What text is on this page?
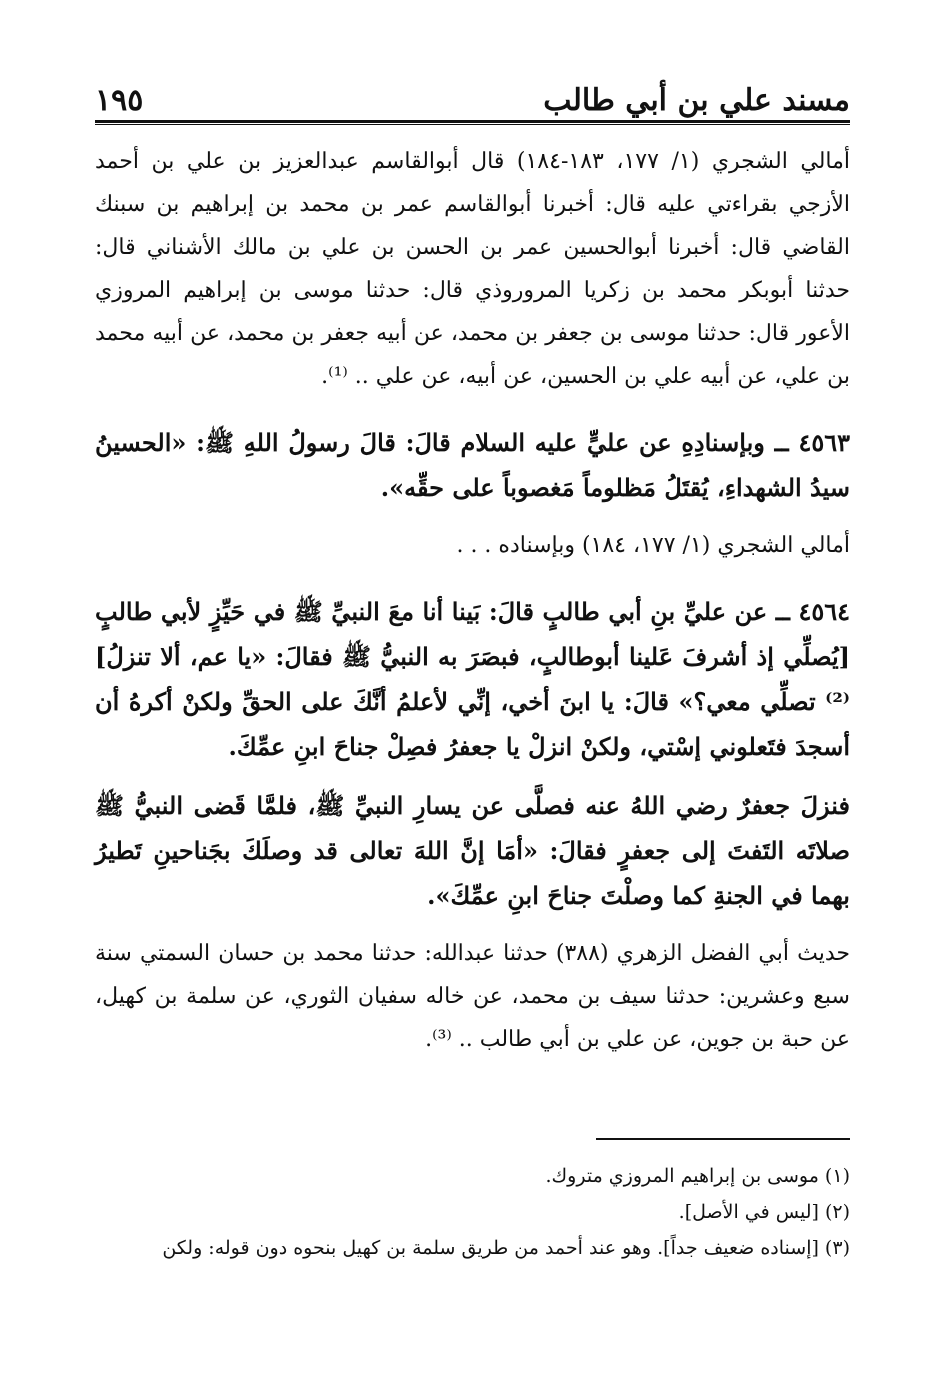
مسند علي بن أبي طالب
١٩٥

أمالي الشجري (١/ ١٧٧، ١٨٣-١٨٤) قال أبوالقاسم عبدالعزيز بن علي بن أحمد الأزجي بقراءتي عليه قال: أخبرنا أبوالقاسم عمر بن محمد بن إبراهيم بن سبنك القاضي قال: أخبرنا أبوالحسين عمر بن الحسن بن علي بن مالك الأشناني قال: حدثنا أبوبكر محمد بن زكريا المروروذي قال: حدثنا موسى بن إبراهيم المروزي الأعور قال: حدثنا موسى بن جعفر بن محمد، عن أبيه جعفر بن محمد، عن أبيه محمد بن علي، عن أبيه علي بن الحسين، عن أبيه، عن علي .. ⁽¹⁾.

٤٥٦٣ ــ وبإسنادِهِ عن عليٍّ عليه السلام قالَ: قالَ رسولُ اللهِ ﷺ: «الحسينُ سيدُ الشهداءِ، يُقتَلُ مَظلوماً مَغصوباً على حقِّه».

أمالي الشجري (١/ ١٧٧، ١٨٤) وبإسناده . . .

٤٥٦٤ ــ عن عليِّ بنِ أبي طالبٍ قالَ: بَينا أنا معَ النبيِّ ﷺ في حَيِّزٍ لأبي طالبٍ [يُصلِّي إذ أشرفَ عَلينا أبوطالبٍ، فبصَرَ به النبيُّ ﷺ فقالَ: «يا عم، ألا تنزلُ]⁽²⁾ تصلِّي معي؟» قالَ: يا ابنَ أخي، إنِّي لأعلمُ أنَّكَ على الحقِّ ولكنْ أكرهُ أن أسجدَ فتَعلوني إسْتي، ولكنْ انزلْ يا جعفرُ فصِلْ جناحَ ابنِ عمِّكَ.

فنزلَ جعفرٌ رضي اللهُ عنه فصلَّى عن يسارِ النبيِّ ﷺ، فلمَّا قَضى النبيُّ ﷺ صلاتَه التَفتَ إلى جعفرٍ فقالَ: «أمَا إنَّ اللهَ تعالى قد وصلَكَ بجَناحينِ تَطيرُ بهما في الجنةِ كما وصلْتَ جناحَ ابنِ عمِّكَ».

حديث أبي الفضل الزهري (٣٨٨) حدثنا عبدالله: حدثنا محمد بن حسان السمتي سنة سبع وعشرين: حدثنا سيف بن محمد، عن خاله سفيان الثوري، عن سلمة بن كهيل، عن حبة بن جوين، عن علي بن أبي طالب .. ⁽³⁾.

(١) موسى بن إبراهيم المروزي متروك.

(٢) [ليس في الأصل].

(٣) [إسناده ضعيف جداً]. وهو عند أحمد من طريق سلمة بن كهيل بنحوه دون قوله: ولكن
